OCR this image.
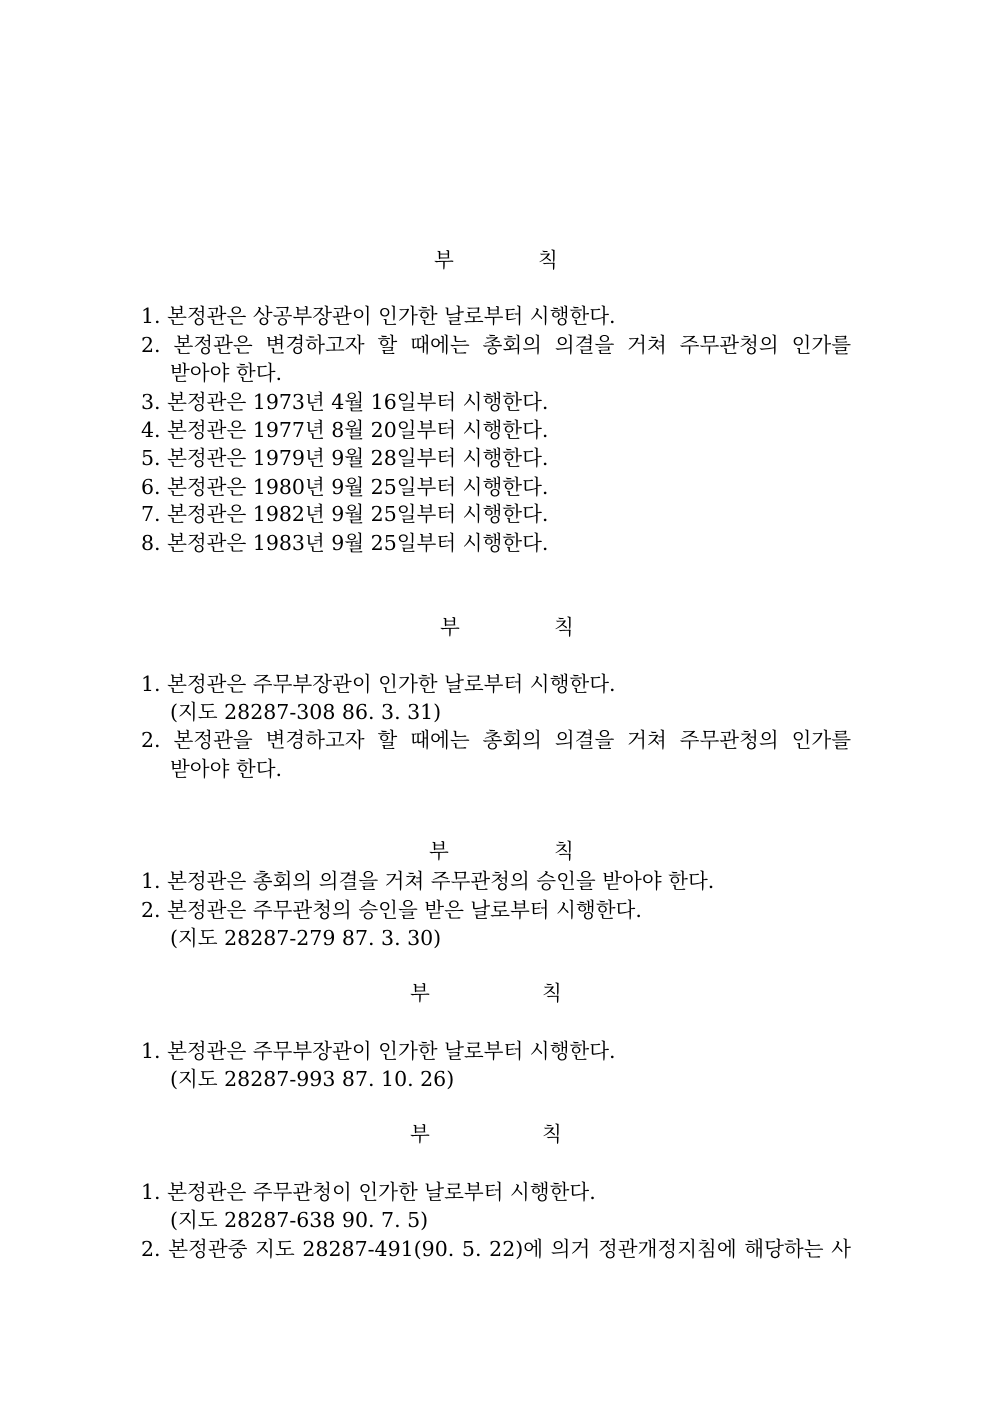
부	칙
1. 본정관은 상공부장관이 인가한 날로부터 시행한다.
2. 본정관은 변경하고자 할 때에는 총회의 의결을 거쳐 주무관청의 인가를
받아야 한다.
3. 본정관은 1973년 4월 16일부터 시행한다.
4. 본정관은 1977년 8월 20일부터 시행한다.
5. 본정관은 1979년 9월 28일부터 시행한다.
6. 본정관은 1980년 9월 25일부터 시행한다.
7. 본정관은 1982년 9월 25일부터 시행한다.
8. 본정관은 1983년 9월 25일부터 시행한다.
부	칙
1. 본정관은 주무부장관이 인가한 날로부터 시행한다.
(지도 28287-308 86. 3. 31)
2. 본정관을 변경하고자 할 때에는 총회의 의결을 거쳐 주무관청의 인가를
받아야 한다.
부	칙
1. 본정관은 총회의 의결을 거쳐 주무관청의 승인을 받아야 한다.
2. 본정관은 주무관청의 승인을 받은 날로부터 시행한다.
(지도 28287-279 87. 3. 30)
부	칙
1. 본정관은 주무부장관이 인가한 날로부터 시행한다.
(지도 28287-993 87. 10. 26)
부	칙
1. 본정관은 주무관청이 인가한 날로부터 시행한다.
(지도 28287-638 90. 7. 5)
2. 본정관중 지도 28287-491(90. 5. 22)에 의거 정관개정지침에 해당하는 사
